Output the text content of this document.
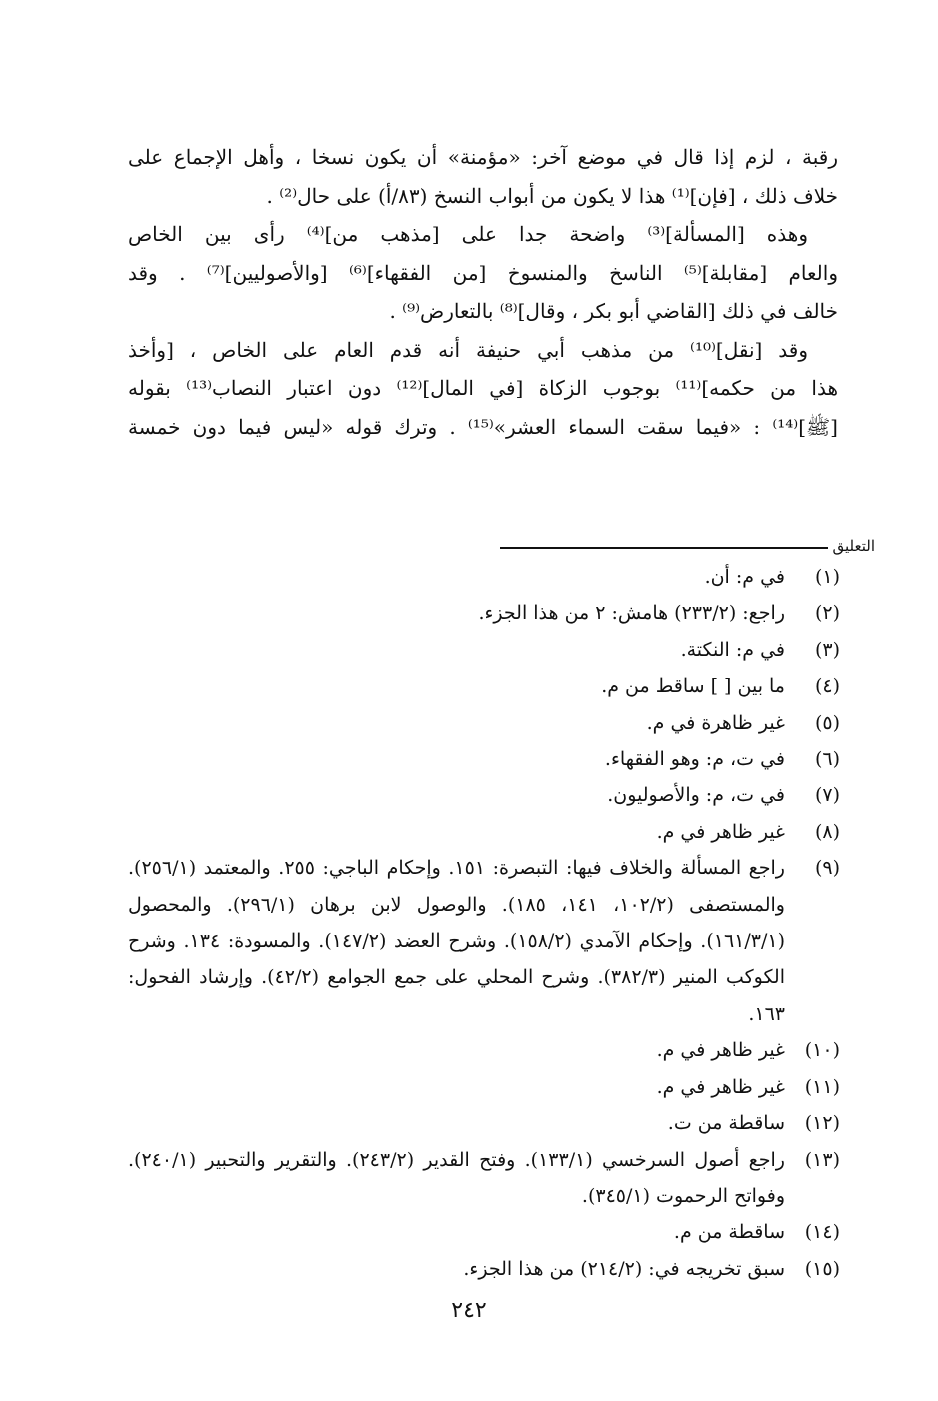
رقبة ، لزم إذا قال في موضع آخر: «مؤمنة» أن يكون نسخا ، وأهل الإجماع على

خلاف ذلك ، [فإن]⁽¹⁾ هذا لا يكون من أبواب النسخ (٨٣/أ) على حال⁽²⁾ .

وهذه [المسألة]⁽³⁾ واضحة جدا على [مذهب من]⁽⁴⁾ رأى بين الخاص

والعام [مقابلة]⁽⁵⁾ الناسخ والمنسوخ [من الفقهاء]⁽⁶⁾ [والأصوليين]⁽⁷⁾ . وقد

خالف في ذلك [القاضي أبو بكر ، وقال]⁽⁸⁾ بالتعارض⁽⁹⁾ .

وقد [نقل]⁽¹⁰⁾ من مذهب أبي حنيفة أنه قدم العام على الخاص ، [وأخذ

هذا من حكمه]⁽¹¹⁾ بوجوب الزكاة [في المال]⁽¹²⁾ دون اعتبار النصاب⁽¹³⁾ بقوله

[ﷺ]⁽¹⁴⁾ : «فيما سقت السماء العشر»⁽¹⁵⁾ . وترك قوله «ليس فيما دون خمسة

التعليق
(١)
في م: أن.
(٢)
راجع: (٢٣٣/٢) هامش: ٢ من هذا الجزء.
(٣)
في م: النكتة.
(٤)
ما بين [ ] ساقط من م.
(٥)
غير ظاهرة في م.
(٦)
في ت، م: وهو الفقهاء.
(٧)
في ت، م: والأصوليون.
(٨)
غير ظاهر في م.
(٩)
راجع المسألة والخلاف فيها: التبصرة: ١٥١. وإحكام الباجي: ٢٥٥. والمعتمد (٢٥٦/١). والمستصفى (١٠٢/٢، ١٤١، ١٨٥). والوصول لابن برهان (٢٩٦/١). والمحصول (١٦١/٣/١). وإحكام الآمدي (١٥٨/٢). وشرح العضد (١٤٧/٢). والمسودة: ١٣٤. وشرح الكوكب المنير (٣٨٢/٣). وشرح المحلي على جمع الجوامع (٤٢/٢). وإرشاد الفحول: ١٦٣.
(١٠)
غير ظاهر في م.
(١١)
غير ظاهر في م.
(١٢)
ساقطة من ت.
(١٣)
راجع أصول السرخسي (١٣٣/١). وفتح القدير (٢٤٣/٢). والتقرير والتحبير (٢٤٠/١). وفواتح الرحموت (٣٤٥/١).
(١٤)
ساقطة من م.
(١٥)
سبق تخريجه في: (٢١٤/٢) من هذا الجزء.
٢٤٢
